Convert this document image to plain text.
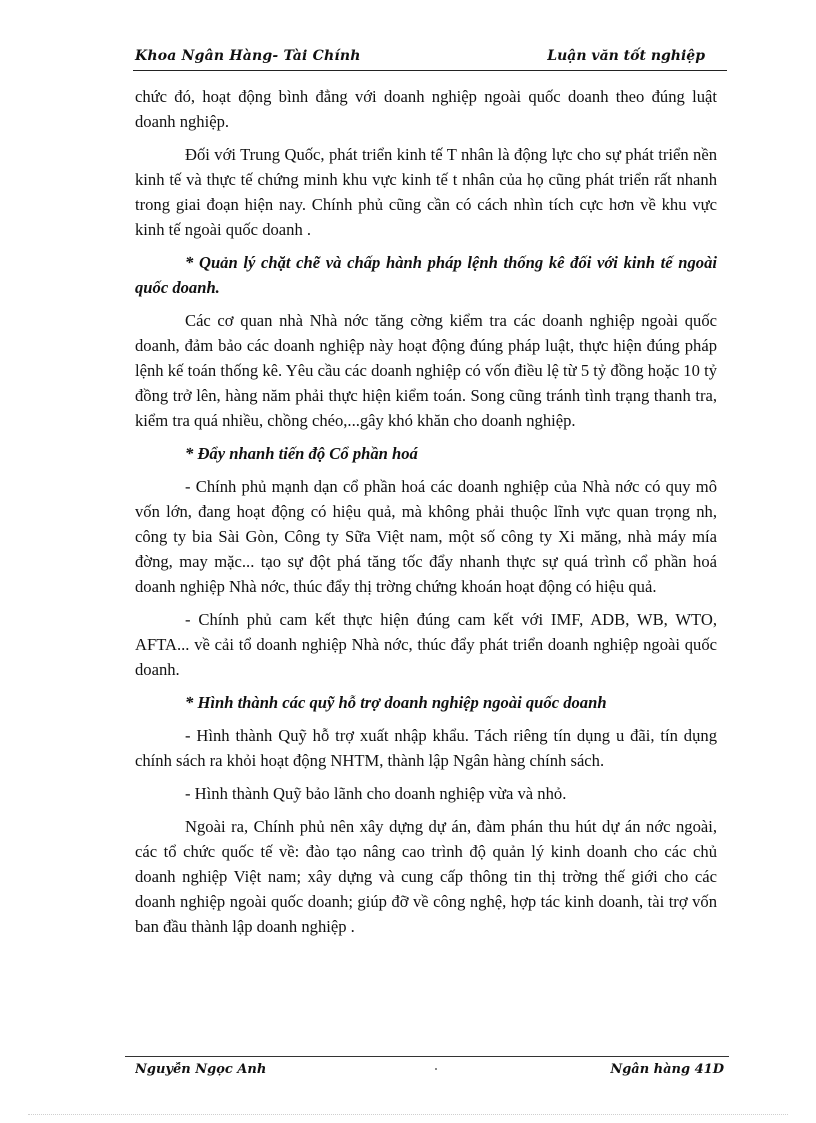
Khoa Ngân Hàng- Tài Chính	Luận văn tốt nghiệp

chức đó, hoạt động bình đẳng với doanh nghiệp ngoài quốc doanh theo đúng luật doanh nghiệp.

Đối với Trung Quốc, phát triển kinh tế T nhân là động lực cho sự phát triển nền kinh tế và thực tế chứng minh khu vực kinh tế t nhân của họ cũng phát triển rất nhanh trong giai đoạn hiện nay. Chính phủ cũng cần có cách nhìn tích cực hơn về khu vực kinh tế ngoài quốc doanh .

* Quản lý chặt chẽ và chấp hành pháp lệnh thống kê đối với kinh tế ngoài quốc doanh.

Các cơ quan nhà Nhà nớc tăng cờng kiểm tra các doanh nghiệp ngoài quốc doanh, đảm bảo các doanh nghiệp này hoạt động đúng pháp luật, thực hiện đúng pháp lệnh kế toán thống kê. Yêu cầu các doanh nghiệp có vốn điều lệ từ 5 tỷ đồng hoặc 10 tỷ đồng trở lên, hàng năm phải thực hiện kiểm toán. Song cũng tránh tình trạng thanh tra, kiểm tra quá nhiều, chồng chéo,...gây khó khăn cho doanh nghiệp.

* Đẩy nhanh tiến độ Cổ phần hoá

- Chính phủ mạnh dạn cổ phần hoá các doanh nghiệp của Nhà nớc có quy mô vốn lớn, đang hoạt động có hiệu quả, mà không phải thuộc lĩnh vực quan trọng nh, công ty bia Sài Gòn, Công ty Sữa Việt nam, một số công ty Xi măng, nhà máy mía đờng, may mặc... tạo sự đột phá tăng tốc đẩy nhanh thực sự quá trình cổ phần hoá doanh nghiệp Nhà nớc, thúc đẩy thị trờng chứng khoán hoạt động có hiệu quả.

- Chính phủ cam kết thực hiện đúng cam kết với IMF, ADB, WB, WTO, AFTA... về cải tổ doanh nghiệp Nhà nớc, thúc đẩy phát triển doanh nghiệp ngoài quốc doanh.

* Hình thành các quỹ hỗ trợ doanh nghiệp ngoài quốc doanh

- Hình thành Quỹ hỗ trợ xuất nhập khẩu. Tách riêng tín dụng u đãi, tín dụng chính sách ra khỏi hoạt động NHTM, thành lập Ngân hàng chính sách.

- Hình thành Quỹ bảo lãnh cho doanh nghiệp vừa và nhỏ.

Ngoài ra, Chính phủ nên xây dựng dự án, đàm phán thu hút dự án nớc ngoài, các tổ chức quốc tế về: đào tạo nâng cao trình độ quản lý kinh doanh cho các chủ doanh nghiệp Việt nam; xây dựng và cung cấp thông tin thị trờng thế giới cho các doanh nghiệp ngoài quốc doanh; giúp đỡ về công nghệ, hợp tác kinh doanh, tài trợ vốn ban đầu thành lập doanh nghiệp .

Nguyễn Ngọc Anh	Ngân hàng 41D
